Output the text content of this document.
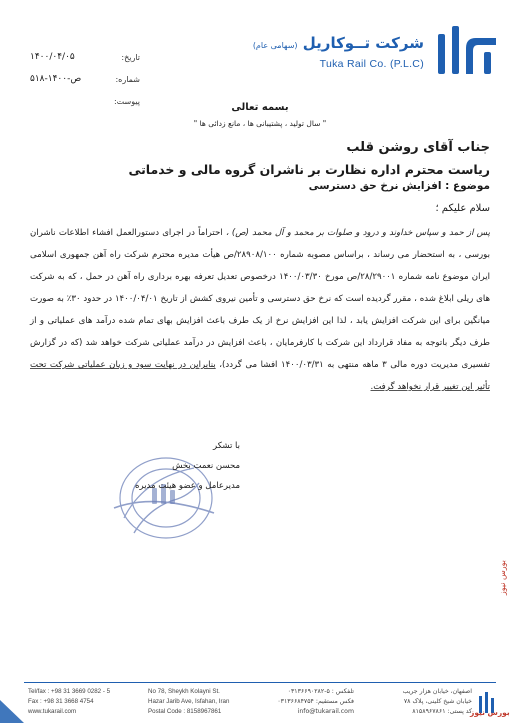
شرکت تــوکاریل (سهامی عام)
Tuka Rail Co. (P.L.C)
تاریخ:
۱۴۰۰/۰۴/۰۵
شماره:
۵۱۸-۱۴۰۰-ص
پیوست:
بسمه تعالی
" سال تولید ، پشتیبانی ها ، مانع زدائی ها "
جناب آقای روشن قلب
ریاست محترم اداره نظارت بر ناشران گروه مالی و خدماتی
موضوع : افزایش نرخ حق دسترسی
سلام علیکم ؛
پس از حمد و سپاس خداوند و درود و صلوات بر محمد و آل محمد (ص) ، احتراماً در اجرای دستورالعمل افشاء اطلاعات ناشران بورسی ، به استحضار می رساند ، براساس مصوبه شماره ۲۸۹۰۸/۱۰۰/ص هیأت مدیره محترم شرکت راه آهن جمهوری اسلامی ایران موضوع نامه شماره ۲۸/۲۹۰۰۱/ص مورخ ۱۴۰۰/۰۳/۳۰ درخصوص تعدیل تعرفه بهره برداری راه آهن در حمل ، که به شرکت های ریلی ابلاغ شده ، مقرر گردیده است که نرخ حق دسترسی و تأمین نیروی کشش از تاریخ ۱۴۰۰/۰۴/۰۱ در حدود ۳۰٪ به صورت میانگین برای این شرکت افزایش یابد ، لذا این افزایش نرخ از یک طرف باعث افزایش بهای تمام شده درآمد های عملیاتی و از طرف دیگر باتوجه به مفاد قرارداد این شرکت با کارفرمایان ، باعث افزایش در درآمد عملیاتی شرکت خواهد شد (که در گزارش تفسیری مدیریت دوره مالی ۳ ماهه منتهی به ۱۴۰۰/۰۳/۳۱ افشا می گردد)، بنابراین در نهایت سود و زیان عملیاتی شرکت تحت تأثیر این تغییر قرار نخواهد گرفت.
با تشکر
محسن نعمت بخش
مدیرعامل و عضو هیئت مدیره
بورس نیوز
Tel/fax : +98 31 3669 0282 - 5
Fax : +98 31 3668 4754
www.tukarail.com
No 78, Sheykh Kolayni St.
Hazar Jarib Ave, Isfahan, Iran
Postal Code : 8158967861
تلفکس : ۵-۰۳۱۳۶۶۹۰۲۸۲
فکس مستقیم: ۰۳۱۳۶۶۸۴۷۵۴
info@tukarail.com
اصفهان، خیابان هزار جریب
خیابان شیخ کلینی، پلاک ۷۸
کد پستی: ۸۱۵۸۹۶۷۸۶۱
بورس نیوز
